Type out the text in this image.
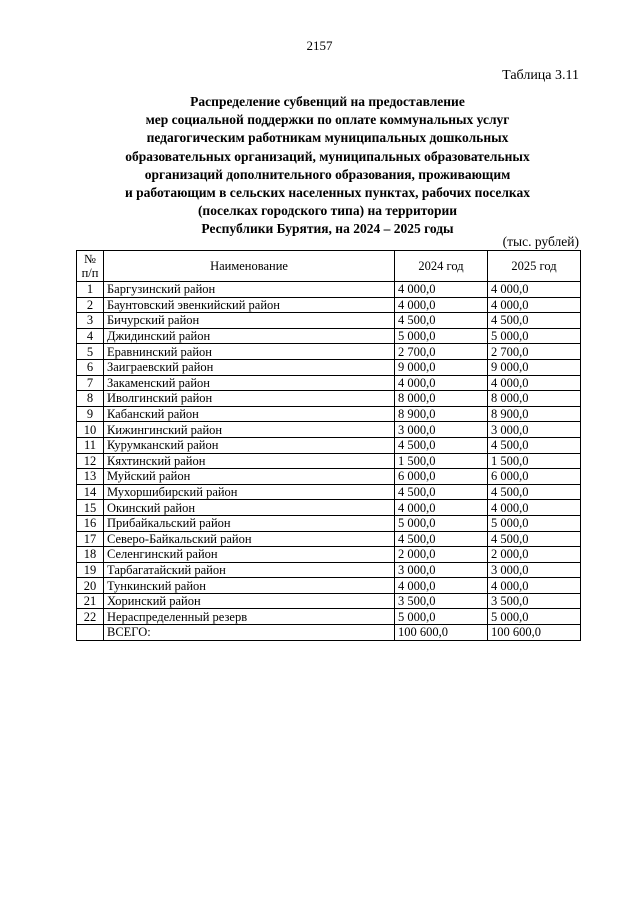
2157
Таблица 3.11
Распределение субвенций на предоставление
мер социальной поддержки по оплате коммунальных услуг
педагогическим работникам муниципальных дошкольных
образовательных организаций, муниципальных образовательных
организаций дополнительного образования, проживающим
и работающим в сельских населенных пунктах, рабочих поселках
(поселках городского типа) на территории
Республики Бурятия, на 2024 – 2025 годы
(тыс. рублей)
№
п/п	Наименование	2024 год	2025 год
1	Баргузинский район	4 000,0	4 000,0
2	Баунтовский эвенкийский район	4 000,0	4 000,0
3	Бичурский район	4 500,0	4 500,0
4	Джидинский район	5 000,0	5 000,0
5	Еравнинский район	2 700,0	2 700,0
6	Заиграевский район	9 000,0	9 000,0
7	Закаменский район	4 000,0	4 000,0
8	Иволгинский район	8 000,0	8 000,0
9	Кабанский район	8 900,0	8 900,0
10	Кижингинский район	3 000,0	3 000,0
11	Курумканский район	4 500,0	4 500,0
12	Кяхтинский район	1 500,0	1 500,0
13	Муйский район	6 000,0	6 000,0
14	Мухоршибирский район	4 500,0	4 500,0
15	Окинский район	4 000,0	4 000,0
16	Прибайкальский район	5 000,0	5 000,0
17	Северо-Байкальский район	4 500,0	4 500,0
18	Селенгинский район	2 000,0	2 000,0
19	Тарбагатайский район	3 000,0	3 000,0
20	Тункинский район	4 000,0	4 000,0
21	Хоринский район	3 500,0	3 500,0
22	Нераспределенный резерв	5 000,0	5 000,0
	ВСЕГО:	100 600,0	100 600,0
